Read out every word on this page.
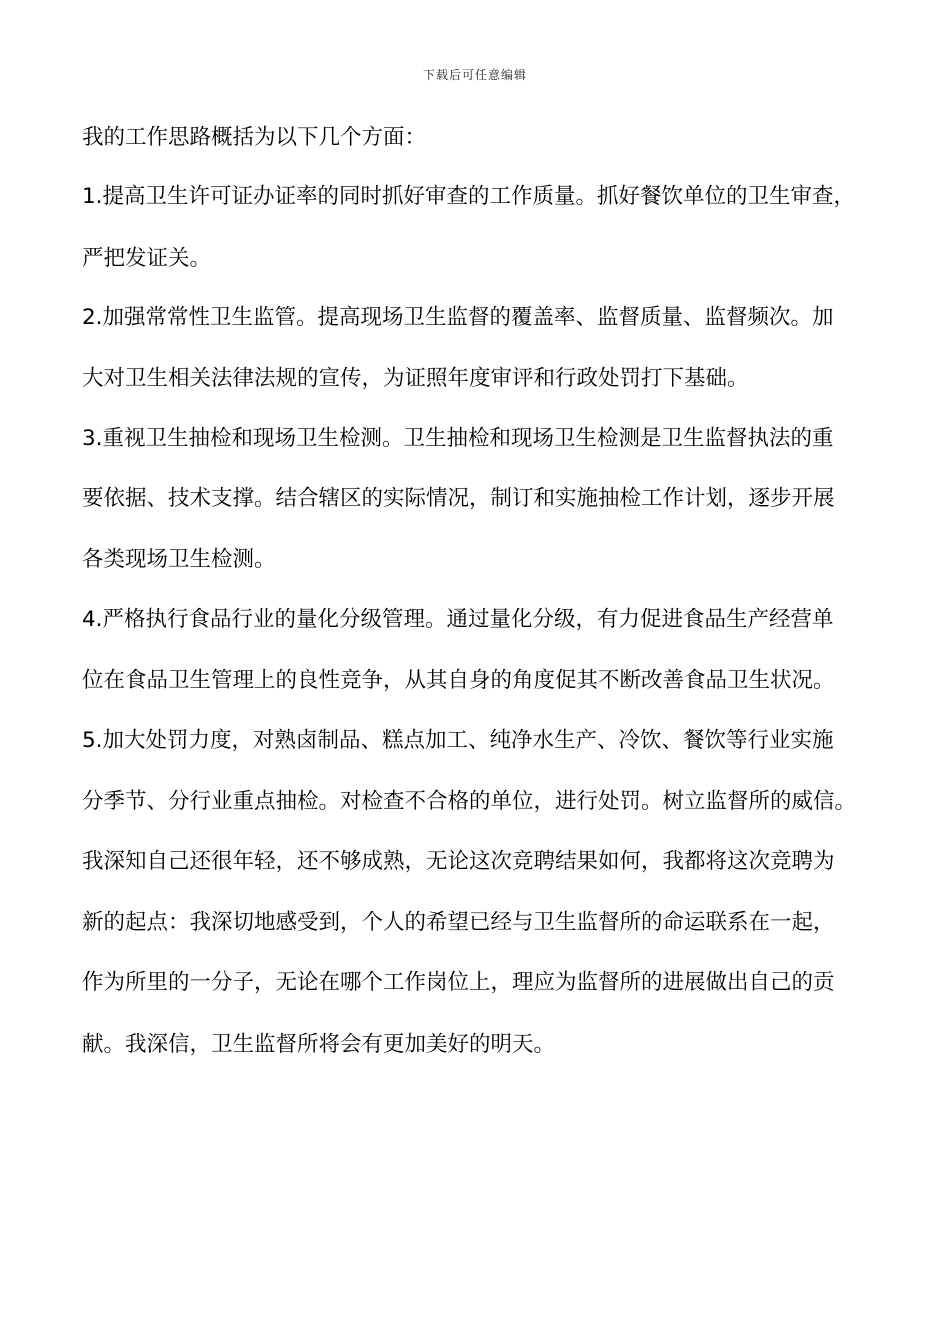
下载后可任意编辑
我的工作思路概括为以下几个方面：
1.提高卫生许可证办证率的同时抓好审查的工作质量。抓好餐饮单位的卫生审查，
严把发证关。
2.加强常常性卫生监管。提高现场卫生监督的覆盖率、监督质量、监督频次。加
大对卫生相关法律法规的宣传，为证照年度审评和行政处罚打下基础。
3.重视卫生抽检和现场卫生检测。卫生抽检和现场卫生检测是卫生监督执法的重
要依据、技术支撑。结合辖区的实际情况，制订和实施抽检工作计划，逐步开展
各类现场卫生检测。
4.严格执行食品行业的量化分级管理。通过量化分级，有力促进食品生产经营单
位在食品卫生管理上的良性竞争，从其自身的角度促其不断改善食品卫生状况。
5.加大处罚力度，对熟卤制品、糕点加工、纯净水生产、冷饮、餐饮等行业实施
分季节、分行业重点抽检。对检查不合格的单位，进行处罚。树立监督所的威信。
我深知自己还很年轻，还不够成熟，无论这次竞聘结果如何，我都将这次竞聘为
新的起点：我深切地感受到，个人的希望已经与卫生监督所的命运联系在一起，
作为所里的一分子，无论在哪个工作岗位上，理应为监督所的进展做出自己的贡
献。我深信，卫生监督所将会有更加美好的明天。
